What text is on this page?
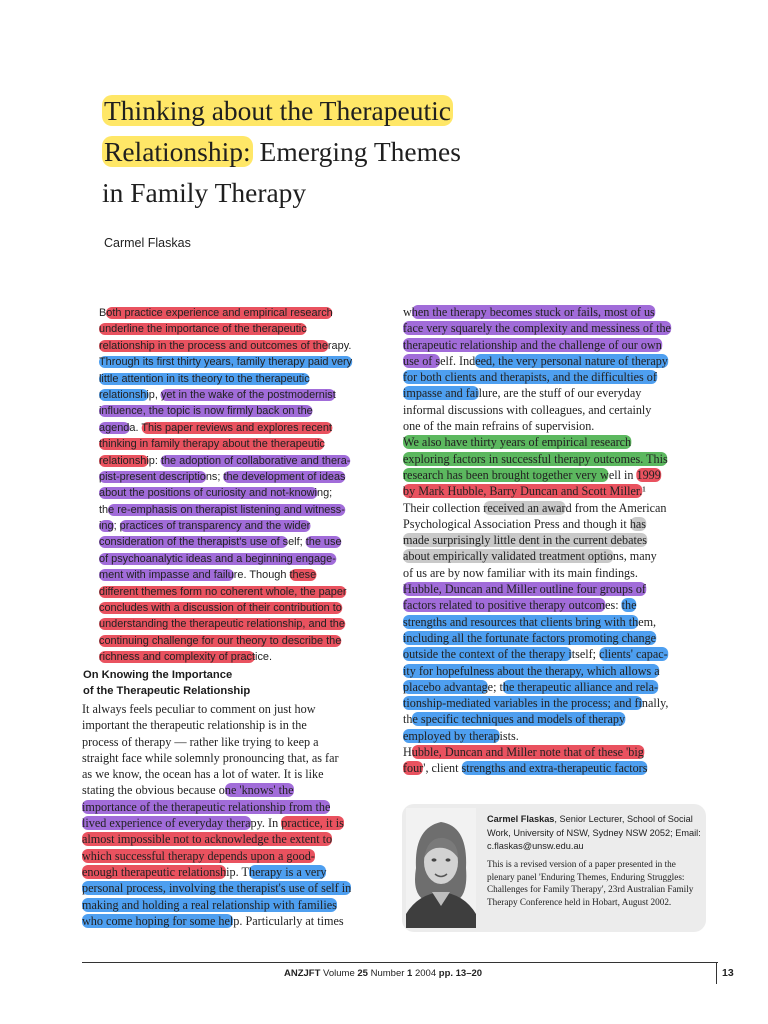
Thinking about the Therapeutic
Relationship: Emerging Themes
in Family Therapy
Carmel Flaskas
Both practice experience and empirical research
underline the importance of the therapeutic
relationship in the process and outcomes of therapy.
Through its first thirty years, family therapy paid very
little attention in its theory to the therapeutic
relationship, yet in the wake of the postmodernist
influence, the topic is now firmly back on the
agenda. This paper reviews and explores recent
thinking in family therapy about the therapeutic
relationship: the adoption of collaborative and thera-
pist-present descriptions; the development of ideas
about the positions of curiosity and not-knowing;
the re-emphasis on therapist listening and witness-
ing; practices of transparency and the wider
consideration of the therapist's use of self; the use
of psychoanalytic ideas and a beginning engage-
ment with impasse and failure. Though these
different themes form no coherent whole, the paper
concludes with a discussion of their contribution to
understanding the therapeutic relationship, and the
continuing challenge for our theory to describe the
richness and complexity of practice.
On Knowing the Importance
of the Therapeutic Relationship
It always feels peculiar to comment on just how
important the therapeutic relationship is in the
process of therapy — rather like trying to keep a
straight face while solemnly pronouncing that, as far
as we know, the ocean has a lot of water. It is like
stating the obvious because one 'knows' the
importance of the therapeutic relationship from the
lived experience of everyday therapy. In practice, it is
almost impossible not to acknowledge the extent to
which successful therapy depends upon a good-
enough therapeutic relationship. Therapy is a very
personal process, involving the therapist's use of self in
making and holding a real relationship with families
who come hoping for some help. Particularly at times
when the therapy becomes stuck or fails, most of us
face very squarely the complexity and messiness of the
therapeutic relationship and the challenge of our own
use of self. Indeed, the very personal nature of therapy
for both clients and therapists, and the difficulties of
impasse and failure, are the stuff of our everyday
informal discussions with colleagues, and certainly
one of the main refrains of supervision.
We also have thirty years of empirical research
exploring factors in successful therapy outcomes. This
research has been brought together very well in 1999
by Mark Hubble, Barry Duncan and Scott Miller.¹
Their collection received an award from the American
Psychological Association Press and though it has
made surprisingly little dent in the current debates
about empirically validated treatment options, many
of us are by now familiar with its main findings.
Hubble, Duncan and Miller outline four groups of
factors related to positive therapy outcomes: the
strengths and resources that clients bring with them,
including all the fortunate factors promoting change
outside the context of the therapy itself; clients' capac-
ity for hopefulness about the therapy, which allows a
placebo advantage; the therapeutic alliance and rela-
tionship-mediated variables in the process; and finally,
the specific techniques and models of therapy
employed by therapists.
Hubble, Duncan and Miller note that of these 'big
four', client strengths and extra-therapeutic factors
Carmel Flaskas, Senior Lecturer, School of Social Work, University of NSW, Sydney NSW 2052; Email: c.flaskas@unsw.edu.au
This is a revised version of a paper presented in the plenary panel 'Enduring Themes, Enduring Struggles: Challenges for Family Therapy', 23rd Australian Family Therapy Conference held in Hobart, August 2002.
ANZJFT Volume 25 Number 1 2004 pp. 13–20	13
